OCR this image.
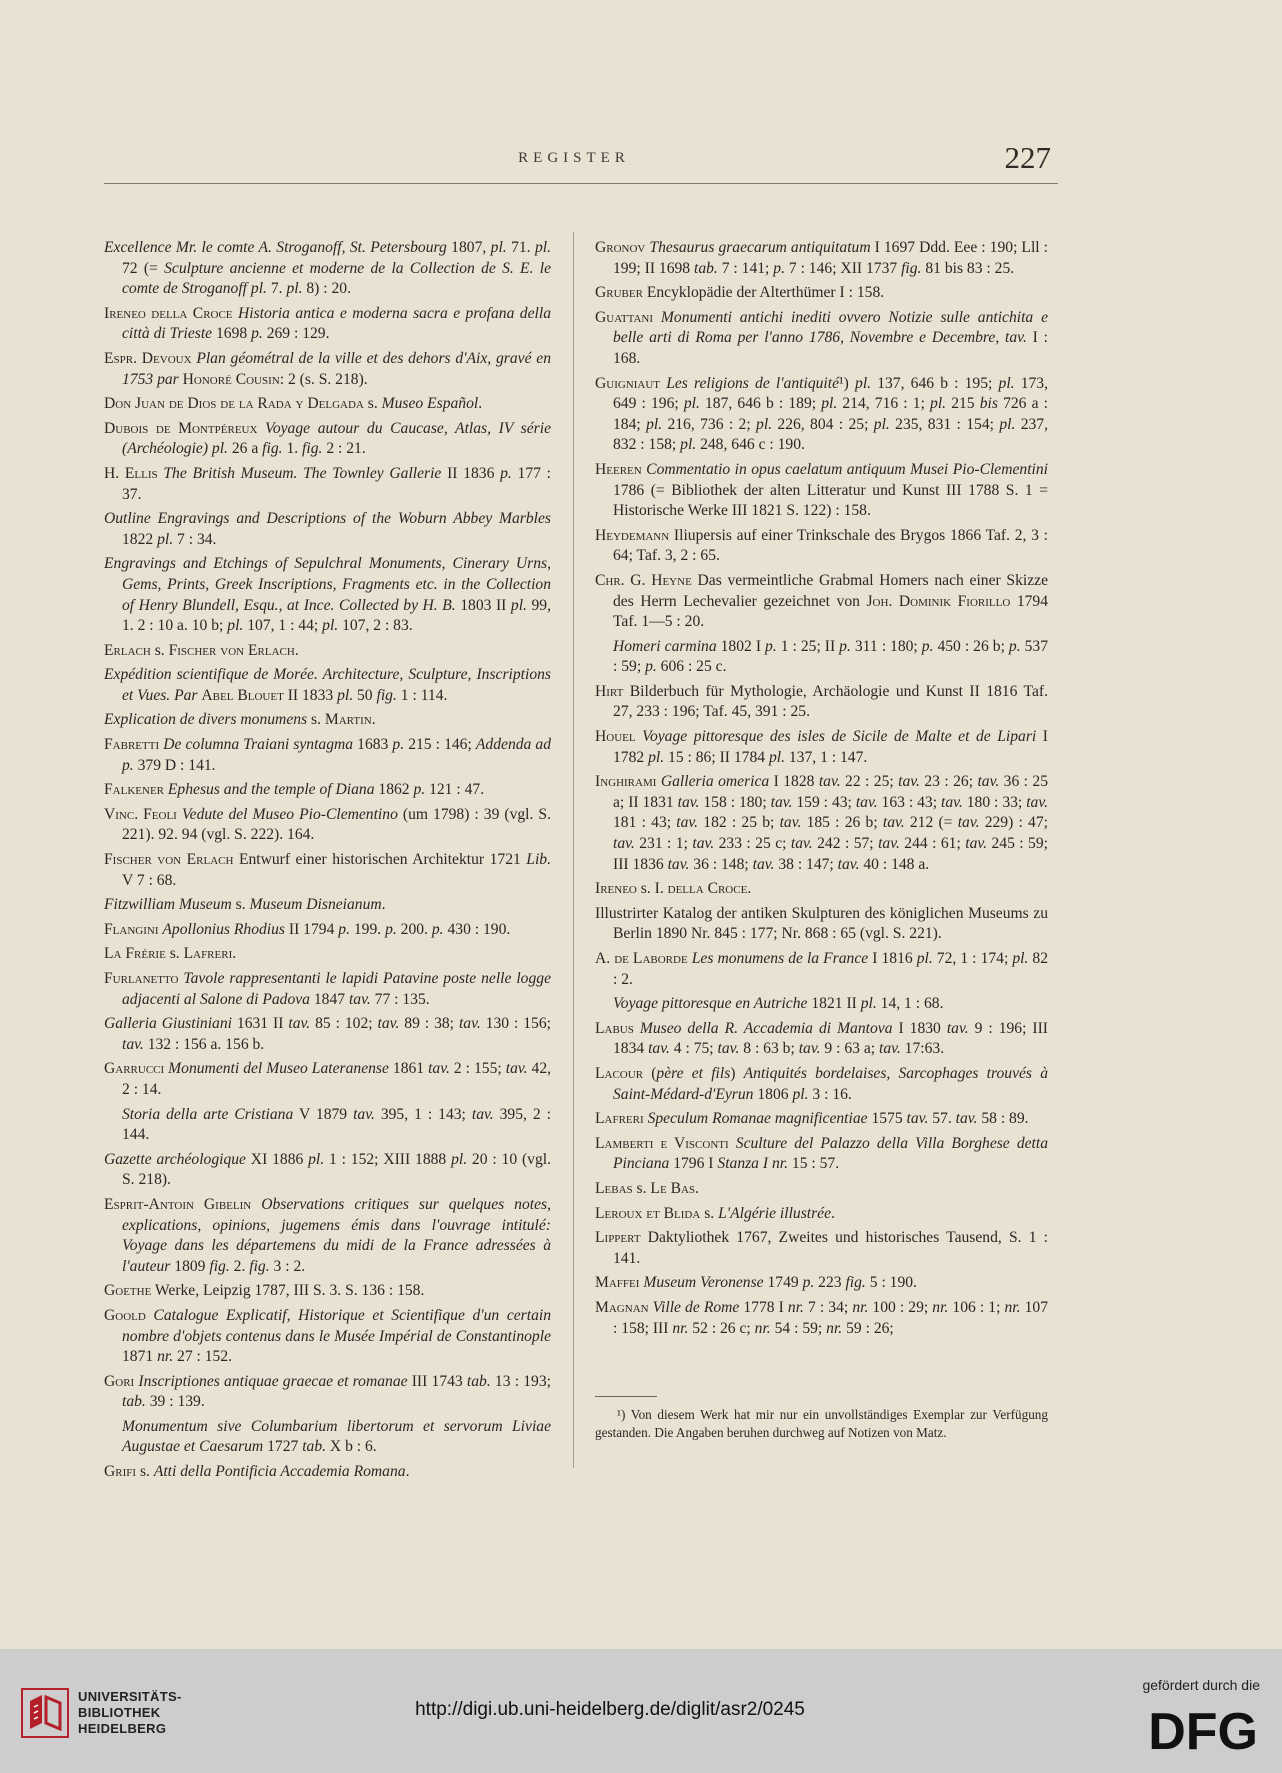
REGISTER	227

Excellence Mr. le comte A. Stroganoff, St. Petersbourg 1807, pl. 71. pl. 72 (= Sculpture ancienne et moderne de la Collection de S. E. le comte de Stroganoff pl. 7. pl. 8) : 20.

Ireneo della Croce Historia antica e moderna sacra e profana della città di Trieste 1698 p. 269 : 129.

Espr. Devoux Plan géométral de la ville et des dehors d'Aix, gravé en 1753 par Honoré Cousin: 2 (s. S. 218).

Don Juan de Dios de la Rada y Delgada s. Museo Español.

Dubois de Montpéreux Voyage autour du Caucase, Atlas, IV série (Archéologie) pl. 26 a fig. 1. fig. 2 : 21.

H. Ellis The British Museum. The Townley Gallerie II 1836 p. 177 : 37.

Outline Engravings and Descriptions of the Woburn Abbey Marbles 1822 pl. 7 : 34.

Engravings and Etchings of Sepulchral Monuments, Cinerary Urns, Gems, Prints, Greek Inscriptions, Fragments etc. in the Collection of Henry Blundell, Esqu., at Ince. Collected by H. B. 1803 II pl. 99, 1. 2 : 10 a. 10 b; pl. 107, 1 : 44; pl. 107, 2 : 83.

Erlach s. Fischer von Erlach.

Expédition scientifique de Morée. Architecture, Sculpture, Inscriptions et Vues. Par Abel Blouet II 1833 pl. 50 fig. 1 : 114.

Explication de divers monumens s. Martin.

Fabretti De columna Traiani syntagma 1683 p. 215 : 146; Addenda ad p. 379 D : 141.

Falkener Ephesus and the temple of Diana 1862 p. 121 : 47.

Vinc. Feoli Vedute del Museo Pio-Clementino (um 1798) : 39 (vgl. S. 221). 92. 94 (vgl. S. 222). 164.

Fischer von Erlach Entwurf einer historischen Architektur 1721 Lib. V 7 : 68.

Fitzwilliam Museum s. Museum Disneianum.

Flangini Apollonius Rhodius II 1794 p. 199. p. 200. p. 430 : 190.

La Frérie s. Lafreri.

Furlanetto Tavole rappresentanti le lapidi Patavine poste nelle logge adjacenti al Salone di Padova 1847 tav. 77 : 135.

Galleria Giustiniani 1631 II tav. 85 : 102; tav. 89 : 38; tav. 130 : 156; tav. 132 : 156 a. 156 b.

Garrucci Monumenti del Museo Lateranense 1861 tav. 2 : 155; tav. 42, 2 : 14.

Storia della arte Cristiana V 1879 tav. 395, 1 : 143; tav. 395, 2 : 144.

Gazette archéologique XI 1886 pl. 1 : 152; XIII 1888 pl. 20 : 10 (vgl. S. 218).

Esprit-Antoin Gibelin Observations critiques sur quelques notes, explications, opinions, jugemens émis dans l'ouvrage intitulé: Voyage dans les départemens du midi de la France adressées à l'auteur 1809 fig. 2. fig. 3 : 2.

Goethe Werke, Leipzig 1787, III S. 3. S. 136 : 158.

Goold Catalogue Explicatif, Historique et Scientifique d'un certain nombre d'objets contenus dans le Musée Impérial de Constantinople 1871 nr. 27 : 152.

Gori Inscriptiones antiquae graecae et romanae III 1743 tab. 13 : 193; tab. 39 : 139.

Monumentum sive Columbarium libertorum et servorum Liviae Augustae et Caesarum 1727 tab. X b : 6.

Grifi s. Atti della Pontificia Accademia Romana.

Gronov Thesaurus graecarum antiquitatum I 1697 Ddd. Eee : 190; Lll : 199; II 1698 tab. 7 : 141; p. 7 : 146; XII 1737 fig. 81 bis 83 : 25.

Gruber Encyklopädie der Alterthümer I : 158.

Guattani Monumenti antichi inediti ovvero Notizie sulle antichita e belle arti di Roma per l'anno 1786, Novembre e Decembre, tav. I : 168.

Guigniaut Les religions de l'antiquité¹) pl. 137, 646 b : 195; pl. 173, 649 : 196; pl. 187, 646 b : 189; pl. 214, 716 : 1; pl. 215 bis 726 a : 184; pl. 216, 736 : 2; pl. 226, 804 : 25; pl. 235, 831 : 154; pl. 237, 832 : 158; pl. 248, 646 c : 190.

Heeren Commentatio in opus caelatum antiquum Musei Pio-Clementini 1786 (= Bibliothek der alten Litteratur und Kunst III 1788 S. 1 = Historische Werke III 1821 S. 122) : 158.

Heydemann Iliupersis auf einer Trinkschale des Brygos 1866 Taf. 2, 3 : 64; Taf. 3, 2 : 65.

Chr. G. Heyne Das vermeintliche Grabmal Homers nach einer Skizze des Herrn Lechevalier gezeichnet von Joh. Dominik Fiorillo 1794 Taf. 1—5 : 20.

Homeri carmina 1802 I p. 1 : 25; II p. 311 : 180; p. 450 : 26 b; p. 537 : 59; p. 606 : 25 c.

Hirt Bilderbuch für Mythologie, Archäologie und Kunst II 1816 Taf. 27, 233 : 196; Taf. 45, 391 : 25.

Houel Voyage pittoresque des isles de Sicile de Malte et de Lipari I 1782 pl. 15 : 86; II 1784 pl. 137, 1 : 147.

Inghirami Galleria omerica I 1828 tav. 22 : 25; tav. 23 : 26; tav. 36 : 25 a; II 1831 tav. 158 : 180; tav. 159 : 43; tav. 163 : 43; tav. 180 : 33; tav. 181 : 43; tav. 182 : 25 b; tav. 185 : 26 b; tav. 212 (= tav. 229) : 47; tav. 231 : 1; tav. 233 : 25 c; tav. 242 : 57; tav. 244 : 61; tav. 245 : 59; III 1836 tav. 36 : 148; tav. 38 : 147; tav. 40 : 148 a.

Ireneo s. I. della Croce.

Illustrirter Katalog der antiken Skulpturen des königlichen Museums zu Berlin 1890 Nr. 845 : 177; Nr. 868 : 65 (vgl. S. 221).

A. de Laborde Les monumens de la France I 1816 pl. 72, 1 : 174; pl. 82 : 2.

Voyage pittoresque en Autriche 1821 II pl. 14, 1 : 68.

Labus Museo della R. Accademia di Mantova I 1830 tav. 9 : 196; III 1834 tav. 4 : 75; tav. 8 : 63 b; tav. 9 : 63 a; tav. 17:63.

Lacour (père et fils) Antiquités bordelaises, Sarcophages trouvés à Saint-Médard-d'Eyrun 1806 pl. 3 : 16.

Lafreri Speculum Romanae magnificentiae 1575 tav. 57. tav. 58 : 89.

Lamberti e Visconti Sculture del Palazzo della Villa Borghese detta Pinciana 1796 I Stanza I nr. 15 : 57.

Lebas s. Le Bas.

Leroux et Blida s. L'Algérie illustrée.

Lippert Daktyliothek 1767, Zweites und historisches Tausend, S. 1 : 141.

Maffei Museum Veronense 1749 p. 223 fig. 5 : 190.

Magnan Ville de Rome 1778 I nr. 7 : 34; nr. 100 : 29; nr. 106 : 1; nr. 107 : 158; III nr. 52 : 26 c; nr. 54 : 59; nr. 59 : 26;

¹) Von diesem Werk hat mir nur ein unvollständiges Exemplar zur Verfügung gestanden. Die Angaben beruhen durchweg auf Notizen von Matz.
UNIVERSITÄTS-
BIBLIOTHEK
HEIDELBERG
http://digi.ub.uni-heidelberg.de/diglit/asr2/0245
gefördert durch die
DFG
